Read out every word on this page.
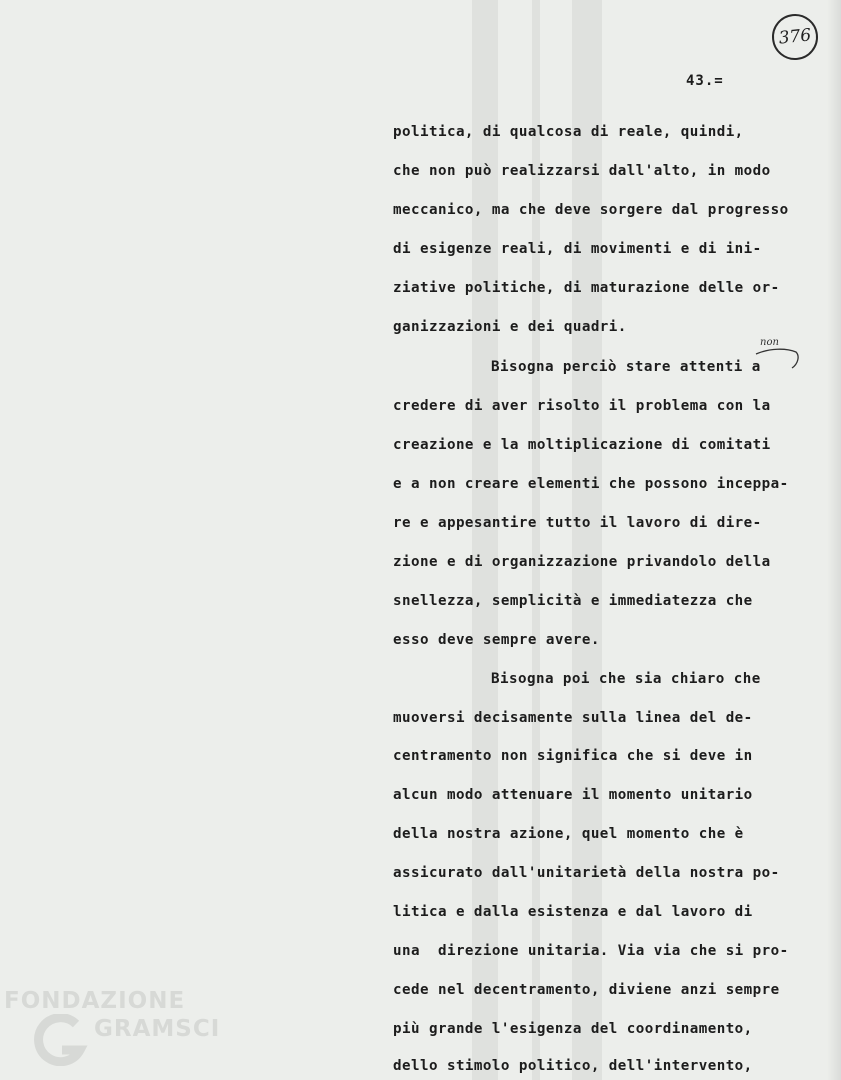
376
43.=
politica, di qualcosa di reale, quindi,
che non può realizzarsi dall'alto, in modo
meccanico, ma che deve sorgere dal progresso
di esigenze reali, di movimenti e di ini-
ziative politiche, di maturazione delle or-
ganizzazioni e dei quadri.
Bisogna perciò stare attenti a
non
credere di aver risolto il problema con la
creazione e la moltiplicazione di comitati
e a non creare elementi che possono inceppa-
re e appesantire tutto il lavoro di dire-
zione e di organizzazione privandolo della
snellezza, semplicità e immediatezza che
esso deve sempre avere.
Bisogna poi che sia chiaro che
muoversi decisamente sulla linea del de-
centramento non significa che si deve in
alcun modo attenuare il momento unitario
della nostra azione, quel momento che è
assicurato dall'unitarietà della nostra po-
litica e dalla esistenza e dal lavoro di
una  direzione unitaria. Via via che si pro-
cede nel decentramento, diviene anzi sempre
più grande l'esigenza del coordinamento,
dello stimolo politico, dell'intervento,
FONDAZIONE
GRAMSCI
